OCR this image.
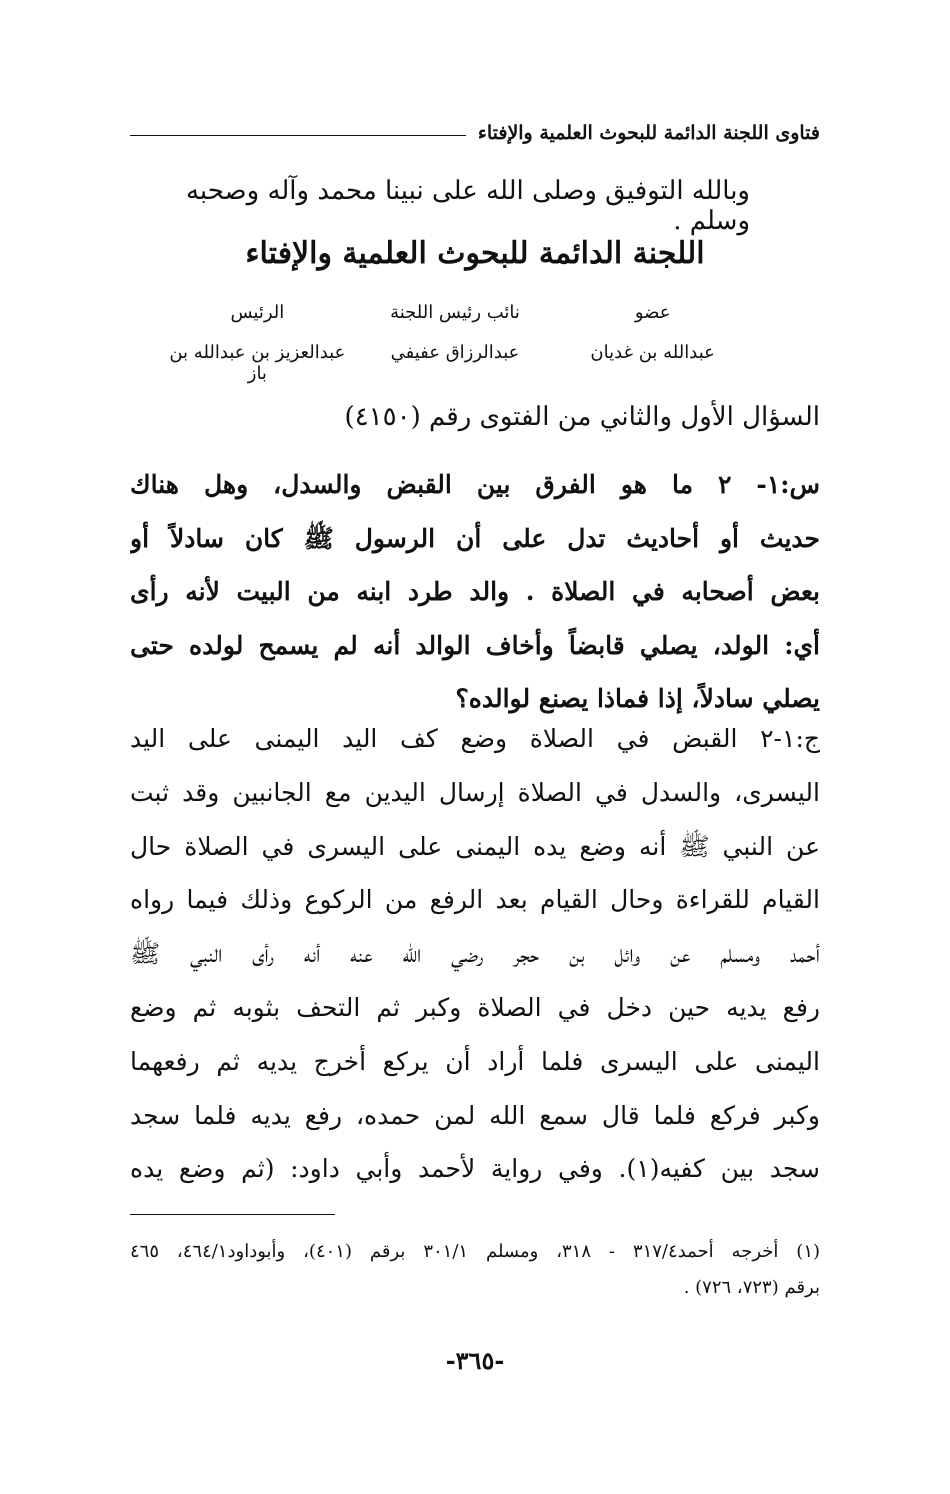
فتاوى اللجنة الدائمة للبحوث العلمية والإفتاء
وبالله التوفيق وصلى الله على نبينا محمد وآله وصحبه وسلم .
اللجنة الدائمة للبحوث العلمية والإفتاء
عضو
نائب رئيس اللجنة
الرئيس
عبدالله بن غديان
عبدالرزاق عفيفي
عبدالعزيز بن عبدالله بن باز
السؤال الأول والثاني من الفتوى رقم (٤١٥٠)
س:١- ٢ ما هو الفرق بين القبض والسدل، وهل هناك
حديث أو أحاديث تدل على أن الرسول ﷺ كان سادلاً أو
بعض أصحابه في الصلاة . والد طرد ابنه من البيت لأنه رأى
أي: الولد، يصلي قابضاً وأخاف الوالد أنه لم يسمح لولده حتى
يصلي سادلاً، إذا فماذا يصنع لوالده؟
ج:١-٢ القبض في الصلاة وضع كف اليد اليمنى على اليد
اليسرى، والسدل في الصلاة إرسال اليدين مع الجانبين وقد ثبت
عن النبي ﷺ أنه وضع يده اليمنى على اليسرى في الصلاة حال
القيام للقراءة وحال القيام بعد الرفع من الركوع وذلك فيما رواه
أحمد ومسلم عن وائل بن حجر رضي الله عنه أنه رأى النبي ﷺ
رفع يديه حين دخل في الصلاة وكبر ثم التحف بثوبه ثم وضع
اليمنى على اليسرى فلما أراد أن يركع أخرج يديه ثم رفعهما
وكبر فركع فلما قال سمع الله لمن حمده، رفع يديه فلما سجد
سجد بين كفيه(١). وفي رواية لأحمد وأبي داود: (ثم وضع يده
(١) أخرجه أحمد٣١٧/٤ - ٣١٨، ومسلم ٣٠١/١ برقم (٤٠١)، وأبوداود٤٦٤/١، ٤٦٥
برقم (٧٢٣، ٧٢٦) .
-٣٦٥-
